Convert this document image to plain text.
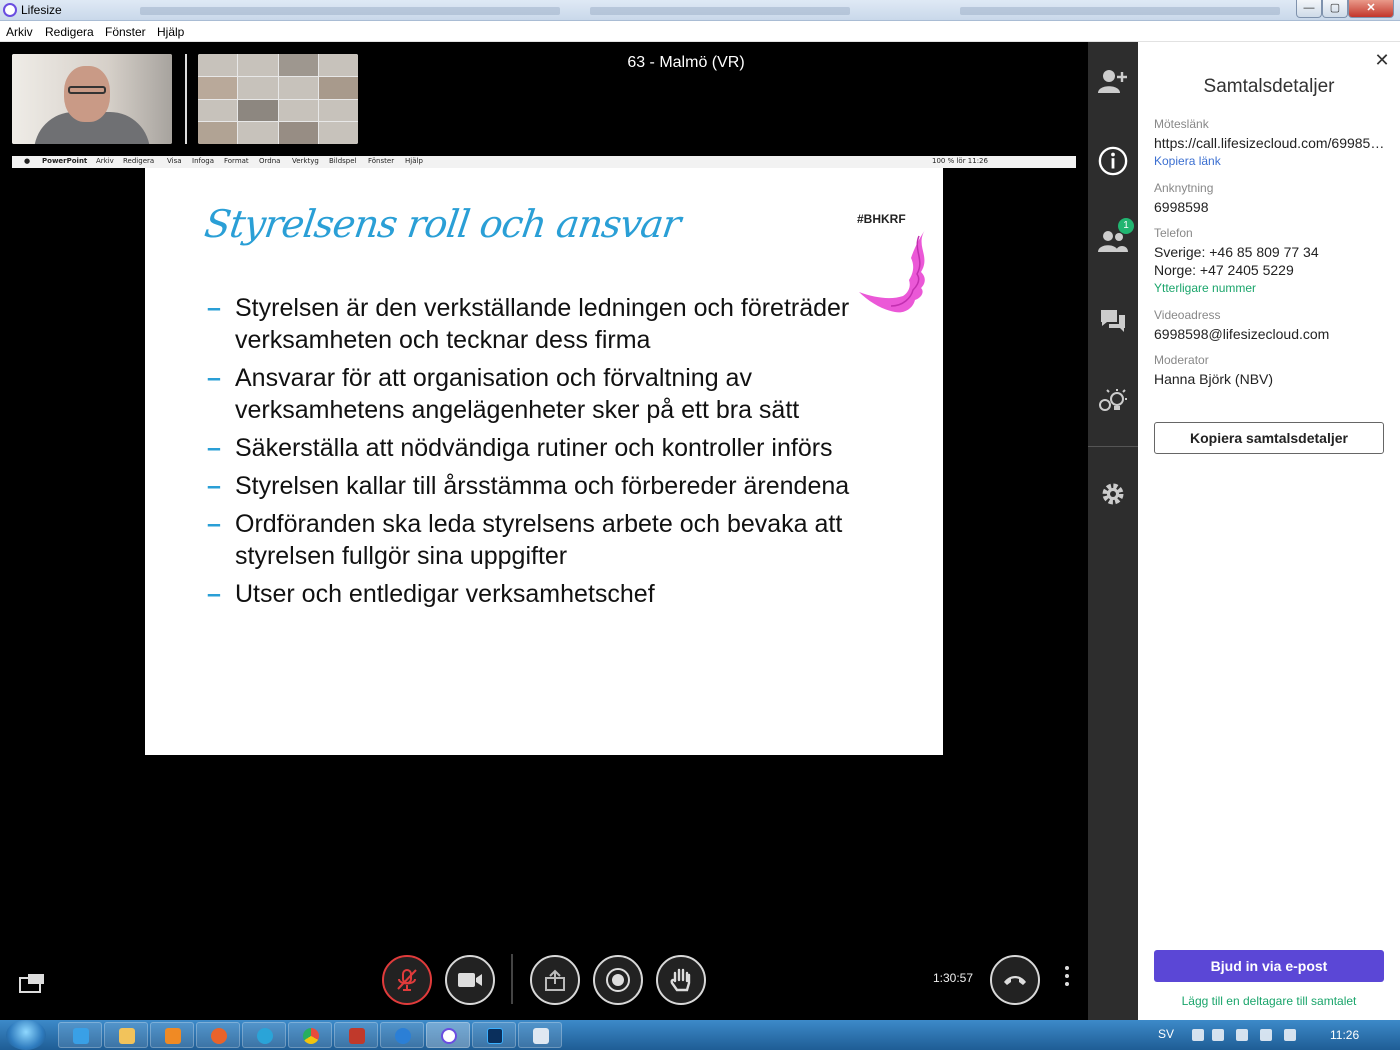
Lifesize	—	▢	✕
Arkiv Redigera Fönster Hjälp
63 - Malmö (VR)
● PowerPoint Arkiv Redigera Visa Infoga Format Ordna Verktyg Bildspel Fönster Hjälp	100 % lör 11:26
Styrelsens roll och ansvar	#BHKRF
– Styrelsen är den verkställande ledningen och företräder verksamheten och tecknar dess firma
– Ansvarar för att organisation och förvaltning av verksamhetens angelägenheter sker på ett bra sätt
– Säkerställa att nödvändiga rutiner och kontroller införs
– Styrelsen kallar till årsstämma och förbereder ärendena
– Ordföranden ska leda styrelsens arbete och bevaka att styrelsen fullgör sina uppgifter
– Utser och entledigar verksamhetschef
1:30:57
1
✕
Samtalsdetaljer
Möteslänk
https://call.lifesizecloud.com/69985…
Kopiera länk
Anknytning
6998598
Telefon
Sverige: +46 85 809 77 34
Norge: +47 2405 5229
Ytterligare nummer
Videoadress
6998598@lifesizecloud.com
Moderator
Hanna Björk (NBV)
Kopiera samtalsdetaljer
Bjud in via e-post
Lägg till en deltagare till samtalet
SV	11:26
